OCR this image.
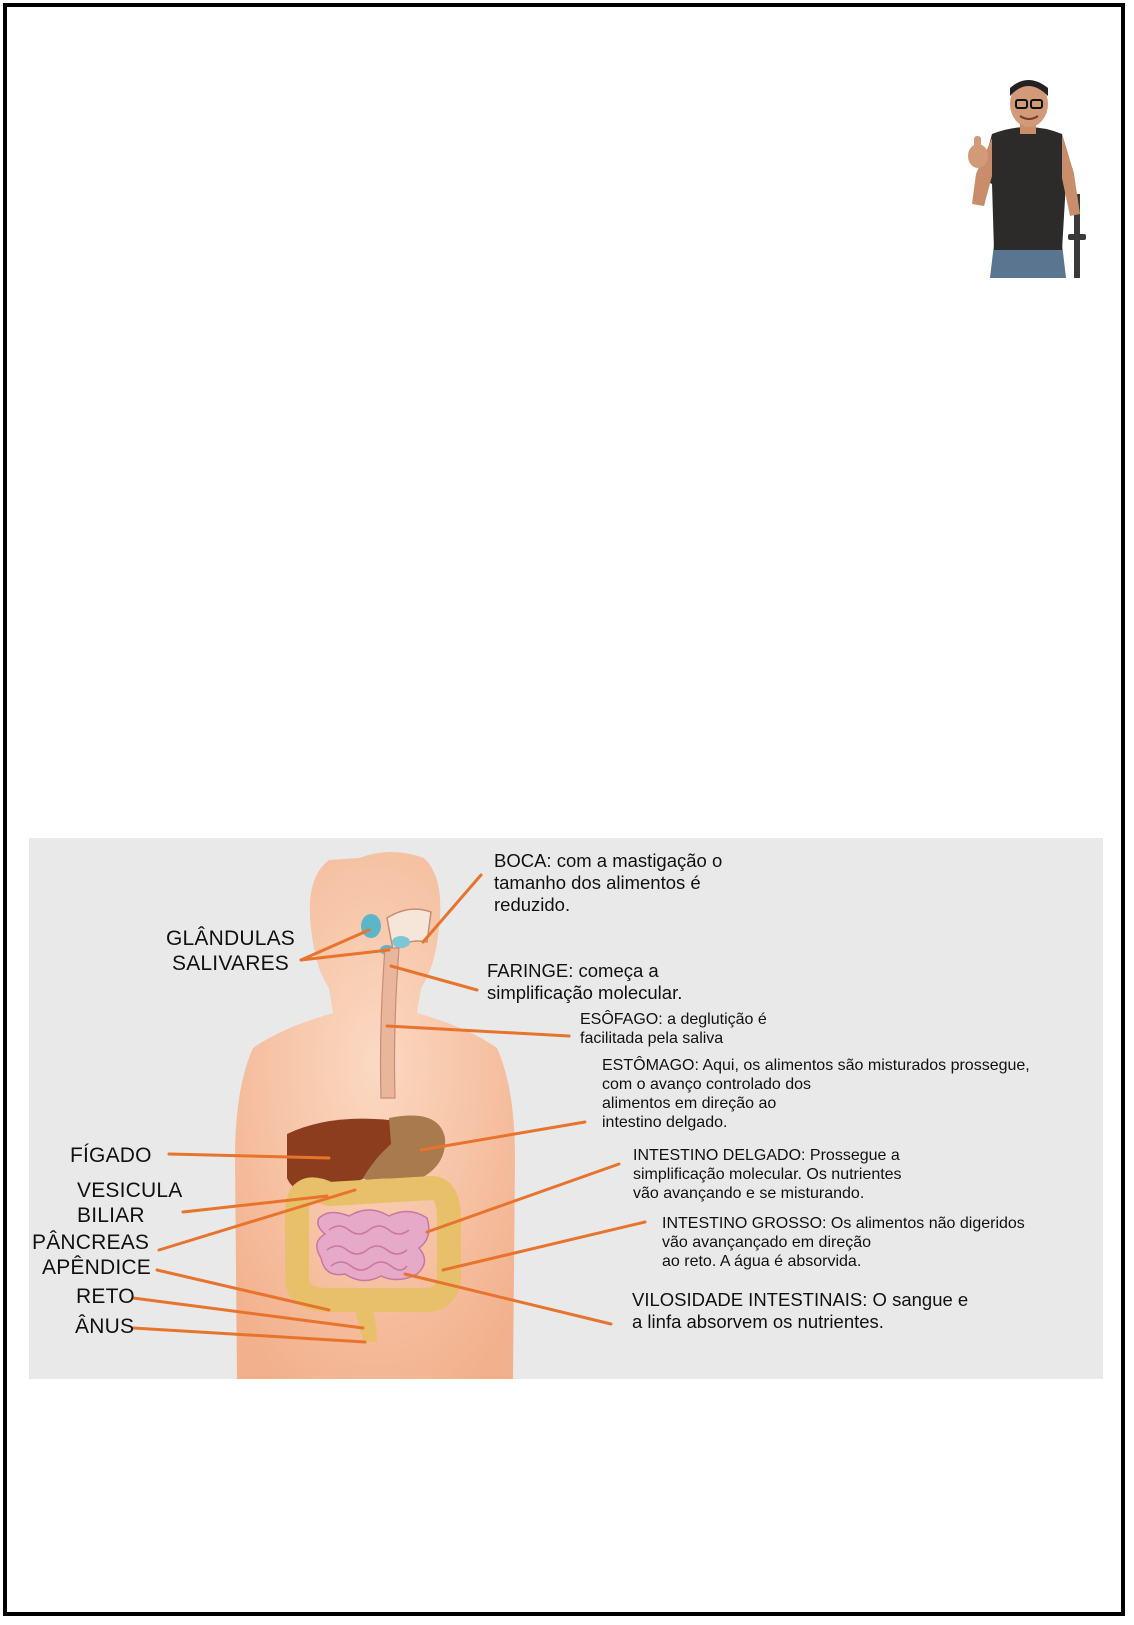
BOCA: com a mastigação o
tamanho dos alimentos é
reduzido.
GLÂNDULAS
SALIVARES	FARINGE: começa a
simplificação molecular.
ESÔFAGO: a deglutição é
facilitada pela saliva
ESTÔMAGO: Aqui, os alimentos são misturados prossegue,
com o avanço controlado dos
alimentos em direção ao
intestino delgado.
FÍGADO	INTESTINO DELGADO: Prossegue a
simplificação molecular. Os nutrientes
vão avançando e se misturando.
VESICULA
BILIAR
PÂNCREAS
INTESTINO GROSSO: Os alimentos não digeridos
vão avançançado em direção
ao reto. A água é absorvida.
APÊNDICE
RETO	VILOSIDADE INTESTINAIS: O sangue e
a linfa absorvem os nutrientes.
ÂNUS
